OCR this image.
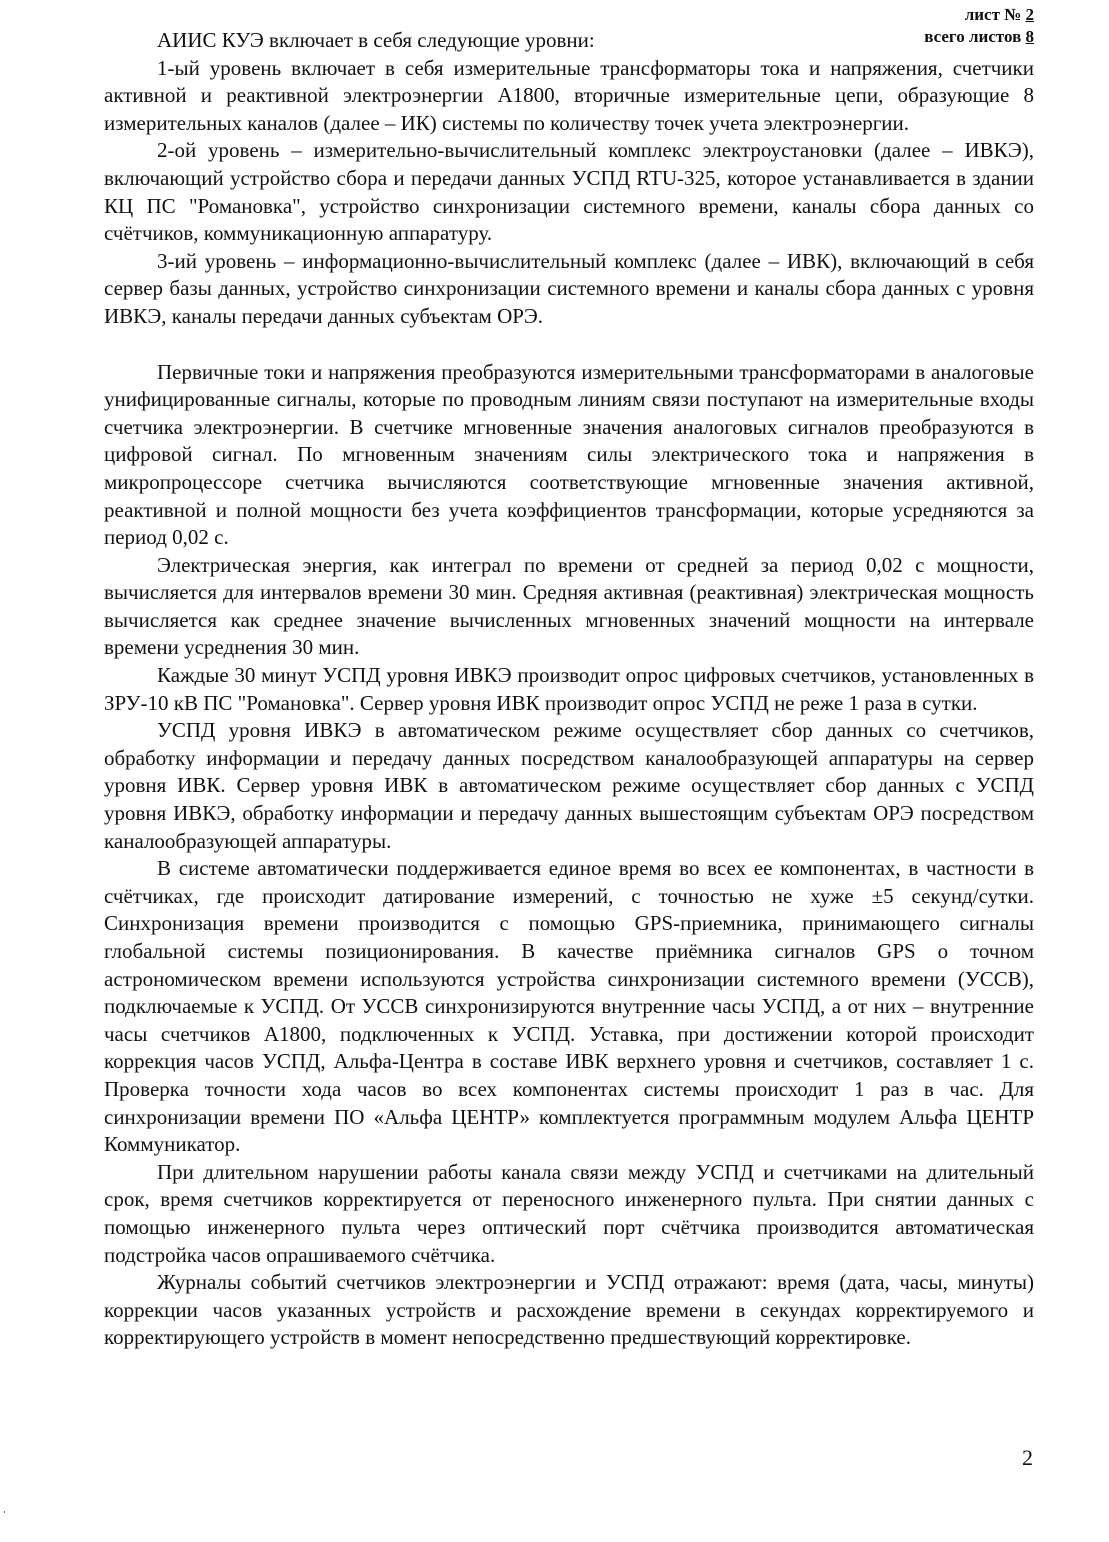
лист № 2
всего листов 8

АИИС КУЭ включает в себя следующие уровни:

1-ый уровень включает в себя измерительные трансформаторы тока и напряжения, счетчики активной и реактивной электроэнергии А1800, вторичные измерительные цепи, образующие 8 измерительных каналов (далее – ИК) системы по количеству точек учета электроэнергии.

2-ой уровень – измерительно-вычислительный комплекс электроустановки (далее – ИВКЭ), включающий устройство сбора и передачи данных УСПД RTU-325, которое устанавливается в здании КЦ ПС "Романовка", устройство синхронизации системного времени, каналы сбора данных со счётчиков, коммуникационную аппаратуру.

3-ий уровень – информационно-вычислительный комплекс (далее – ИВК), включающий в себя сервер базы данных, устройство синхронизации системного времени и каналы сбора данных с уровня ИВКЭ, каналы передачи данных субъектам ОРЭ.

Первичные токи и напряжения преобразуются измерительными трансформаторами в аналоговые унифицированные сигналы, которые по проводным линиям связи поступают на измерительные входы счетчика электроэнергии. В счетчике мгновенные значения аналоговых сигналов преобразуются в цифровой сигнал. По мгновенным значениям силы электрического тока и напряжения в микропроцессоре счетчика вычисляются соответствующие мгновенные значения активной, реактивной и полной мощности без учета коэффициентов трансформации, которые усредняются за период 0,02 с.

Электрическая энергия, как интеграл по времени от средней за период 0,02 с мощности, вычисляется для интервалов времени 30 мин. Средняя активная (реактивная) электрическая мощность вычисляется как среднее значение вычисленных мгновенных значений мощности на интервале времени усреднения 30 мин.

Каждые 30 минут УСПД уровня ИВКЭ производит опрос цифровых счетчиков, установленных в ЗРУ-10 кВ ПС "Романовка". Сервер уровня ИВК производит опрос УСПД не реже 1 раза в сутки.

УСПД уровня ИВКЭ в автоматическом режиме осуществляет сбор данных со счетчиков, обработку информации и передачу данных посредством каналообразующей аппаратуры на сервер уровня ИВК. Сервер уровня ИВК в автоматическом режиме осуществляет сбор данных с УСПД уровня ИВКЭ, обработку информации и передачу данных вышестоящим субъектам ОРЭ посредством каналообразующей аппаратуры.

В системе автоматически поддерживается единое время во всех ее компонентах, в частности в счётчиках, где происходит датирование измерений, с точностью не хуже ±5 секунд/сутки. Синхронизация времени производится с помощью GPS-приемника, принимающего сигналы глобальной системы позиционирования. В качестве приёмника сигналов GPS о точном астрономическом времени используются устройства синхронизации системного времени (УССВ), подключаемые к УСПД. От УССВ синхронизируются внутренние часы УСПД, а от них – внутренние часы счетчиков А1800, подключенных к УСПД. Уставка, при достижении которой происходит коррекция часов УСПД, Альфа-Центра в составе ИВК верхнего уровня и счетчиков, составляет 1 с. Проверка точности хода часов во всех компонентах системы происходит 1 раз в час. Для синхронизации времени ПО «Альфа ЦЕНТР» комплектуется программным модулем Альфа ЦЕНТР Коммуникатор.

При длительном нарушении работы канала связи между УСПД и счетчиками на длительный срок, время счетчиков корректируется от переносного инженерного пульта. При снятии данных с помощью инженерного пульта через оптический порт счётчика производится автоматическая подстройка часов опрашиваемого счётчика.

Журналы событий счетчиков электроэнергии и УСПД отражают: время (дата, часы, минуты) коррекции часов указанных устройств и расхождение времени в секундах корректируемого и корректирующего устройств в момент непосредственно предшествующий корректировке.

2
